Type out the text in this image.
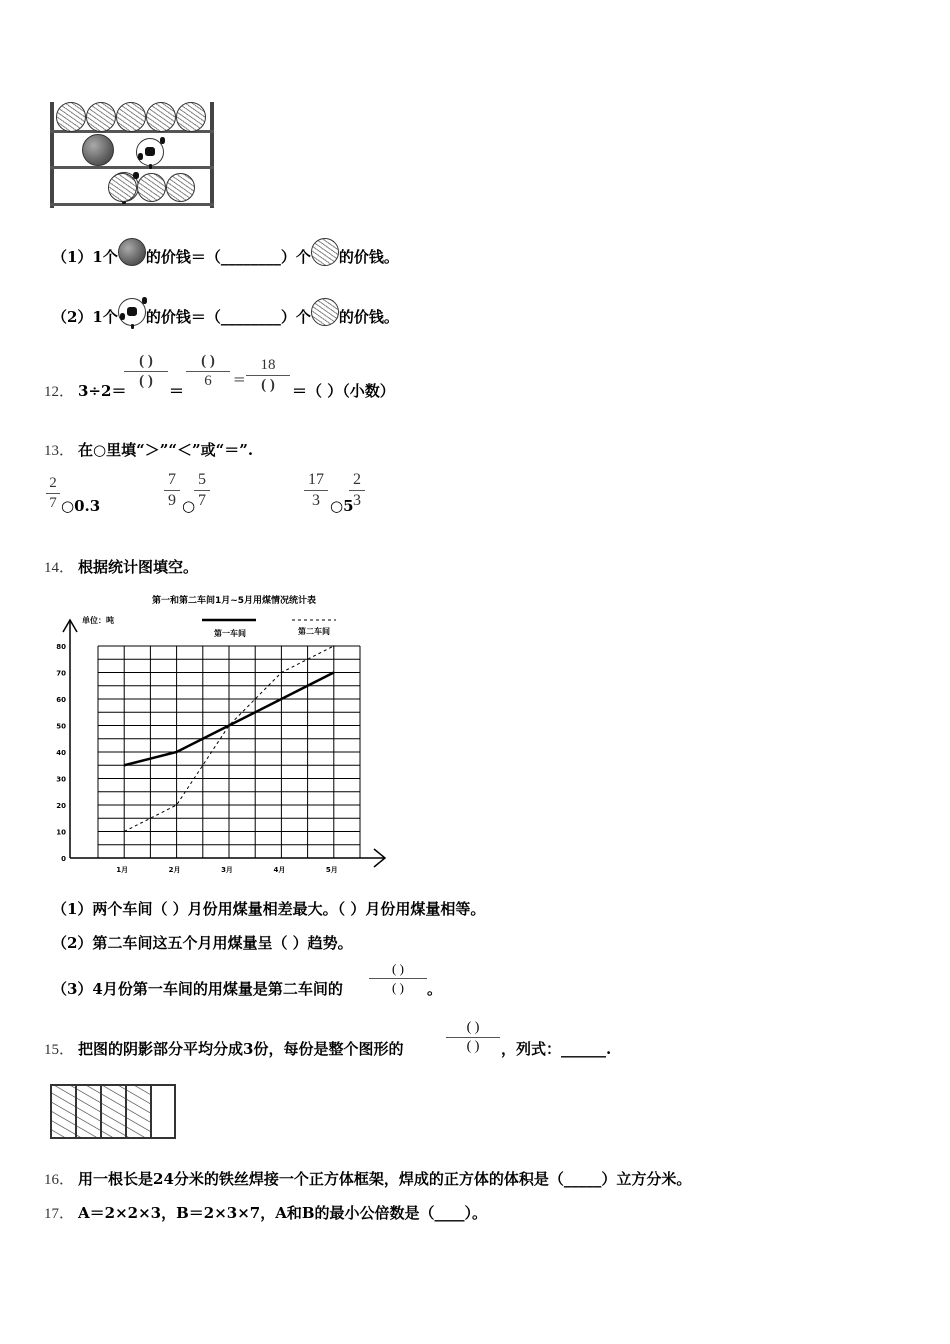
（1）1个 的价钱＝（________）个 的价钱。
（2）1个 的价钱＝（________）个 的价钱。
12． 3÷2＝
( )
( )
＝
( )
6	=
18
( )	＝（ ）（小数）
13． 在○里填“＞”“＜”或“＝”.
2
7 ○0.3
7
9 ○
5
7
17
3 ○5
2
3
14． 根据统计图填空。
第一和第二车间1月~5月用煤情况统计表
单位：吨
第一车间	第二车间
0
10
20
30
40
50
60
70
80
1月	2月	3月	4月	5月
（1）两个车间（ ）月份用煤量相差最大。（ ）月份用煤量相等。
（2）第二车间这五个月用煤量呈（ ）趋势。
（3）4月份第一车间的用煤量是第二车间的
( )
( )	。
15． 把图的阴影部分平均分成3份，每份是整个图形的
( )
( )	，列式：______.
16． 用一根长是24分米的铁丝焊接一个正方体框架，焊成的正方体的体积是（_____）立方分米。
17． A＝2×2×3，B＝2×3×7，A和B的最小公倍数是（____）。
